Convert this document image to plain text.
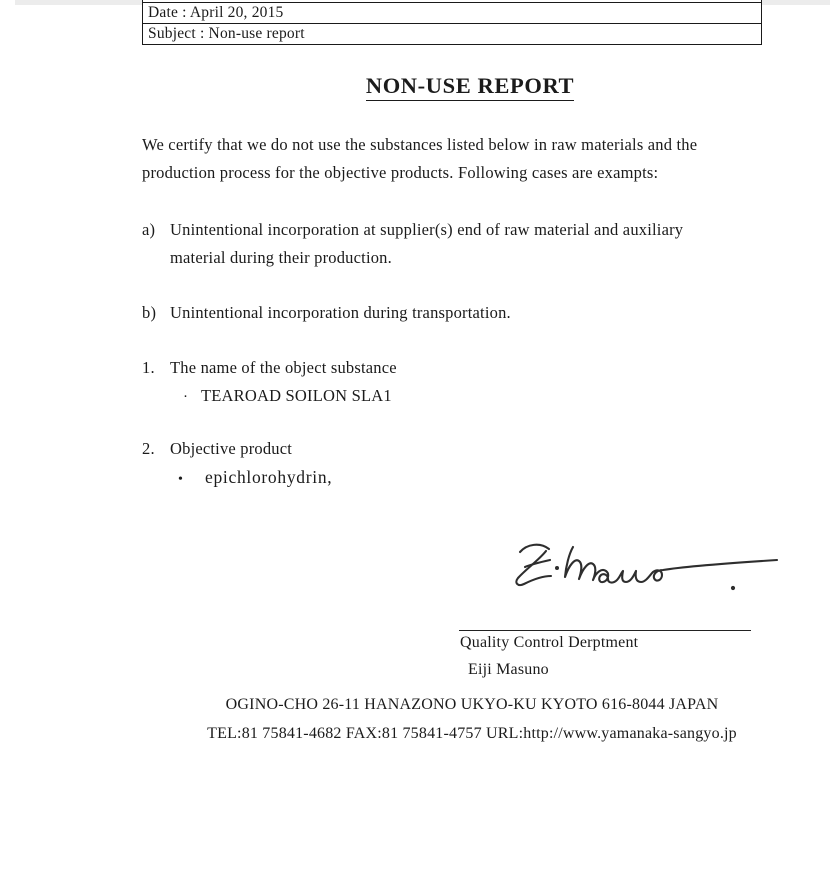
Date : April 20, 2015
Subject : Non-use report
NON-USE REPORT
We certify that we do not use the substances listed below in raw materials and the
production process for the objective products. Following cases are exampts:
a) Unintentional incorporation at supplier(s) end of raw material and auxiliary
material during their production.
b) Unintentional incorporation during transportation.
1. The name of the object substance
· TEAROAD SOILON SLA1
2. Objective product
• epichlorohydrin,
Quality Control Derptment
Eiji Masuno
OGINO-CHO 26-11 HANAZONO UKYO-KU KYOTO 616-8044 JAPAN
TEL:81 75841-4682 FAX:81 75841-4757 URL:http://www.yamanaka-sangyo.jp
